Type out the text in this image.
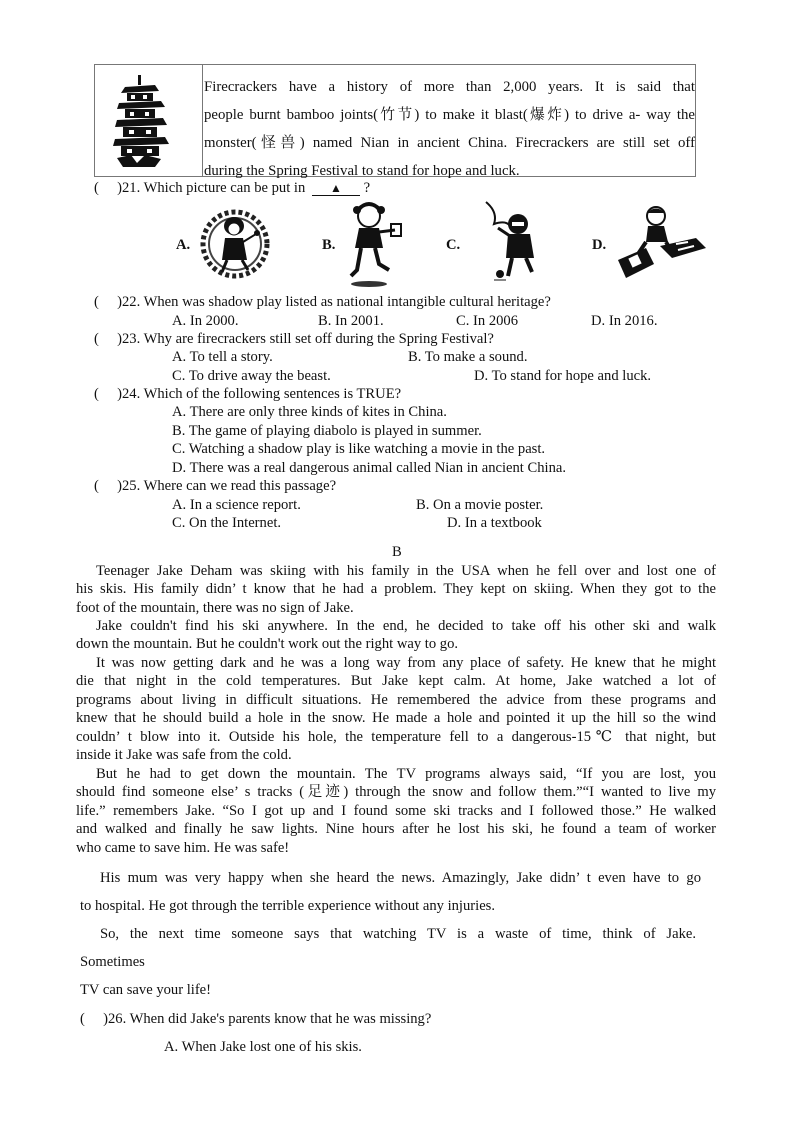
Firecrackers have a history of more than 2,000 years. It is said that
people burnt bamboo joints(竹节) to make it blast(爆炸) to drive a- way the
monster(怪兽) named Nian in ancient China. Firecrackers are still set off
during the Spring Festival to stand for hope and luck.
(     )21. Which picture can be put in ▲ ?
A.	B.	C.	D.
(     )22. When was shadow play listed as national intangible cultural heritage?
A. In 2000.	B. In 2001.	C. In 2006	D. In 2016.
(     )23. Why are firecrackers still set off during the Spring Festival?
A. To tell a story.	B. To make a sound.
C. To drive away the beast.	D. To stand for hope and luck.
(     )24. Which of the following sentences is TRUE?
A. There are only three kinds of kites in China.
B. The game of playing diabolo is played in summer.
C. Watching a shadow play is like watching a movie in the past.
D. There was a real dangerous animal called Nian in ancient China.
(     )25. Where can we read this passage?
A. In a science report.	B. On a movie poster.
C. On the Internet.	D. In a textbook
B
Teenager Jake Deham was skiing with his family in the USA when he fell over and lost one of
his skis. His family didn’ t know that he had a problem. They kept on skiing. When they got to the
foot of the mountain, there was no sign of Jake.
Jake couldn't find his ski anywhere. In the end, he decided to take off his other ski and walk
down the mountain. But he couldn't work out the right way to go.
It was now getting dark and he was a long way from any place of safety. He knew that he might
die that night in the cold temperatures. But Jake kept calm. At home, Jake watched a lot of
programs about living in difficult situations. He remembered the advice from these programs and
knew that he should build a hole in the snow. He made a hole and pointed it up the hill so the wind
couldn’ t blow into it. Outside his hole, the temperature fell to a dangerous-15℃ that night, but
inside it Jake was safe from the cold.
But he had to get down the mountain. The TV programs always said, “If you are lost, you
should find someone else’ s tracks (足迹) through the snow and follow them.”“I wanted to live my
life.” remembers Jake. “So I got up and I found some ski tracks and I followed those.” He walked
and walked and finally he saw lights. Nine hours after he lost his ski, he found a team of worker
who came to save him. He was safe!
His mum was very happy when she heard the news. Amazingly, Jake didn’ t even have to go
to hospital. He got through the terrible experience without any injuries.
So, the next time someone says that watching TV is a waste of time, think of Jake.
Sometimes
TV can save your life!
(     )26. When did Jake's parents know that he was missing?
A. When Jake lost one of his skis.
